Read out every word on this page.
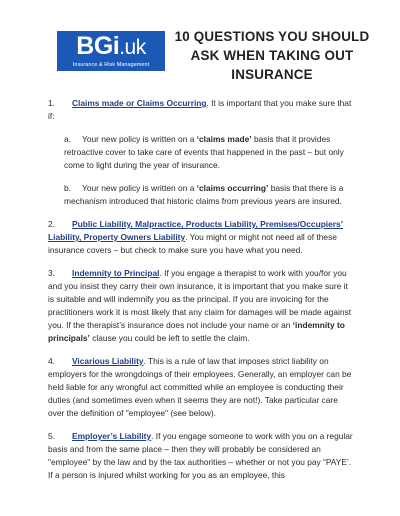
BGi.uk
Insurance & Risk Management
10 QUESTIONS YOU SHOULD ASK WHEN TAKING OUT INSURANCE

1. Claims made or Claims Occurring. It is important that you make sure that if:

a. Your new policy is written on a ‘claims made’ basis that it provides retroactive cover to take care of events that happened in the past – but only come to light during the year of insurance.

b. Your new policy is written on a ‘claims occurring’ basis that there is a mechanism introduced that historic claims from previous years are insured.

2. Public Liability, Malpractice, Products Liability, Premises/Occupiers’ Liability, Property Owners Liability. You might or might not need all of these insurance covers – but check to make sure you have what you need.

3. Indemnity to Principal. If you engage a therapist to work with you/for you and you insist they carry their own insurance, it is important that you make sure it is suitable and will indemnify you as the principal. If you are invoicing for the practitioners work it is most likely that any claim for damages will be made against you. If the therapist’s insurance does not include your name or an ‘indemnity to principals’ clause you could be left to settle the claim.

4. Vicarious Liability. This is a rule of law that imposes strict liability on employers for the wrongdoings of their employees. Generally, an employer can be held liable for any wrongful act committed while an employee is conducting their duties (and sometimes even when it seems they are not!). Take particular care over the definition of "employee" (see below).

5. Employer’s Liability. If you engage someone to work with you on a regular basis and from the same place – then they will probably be considered an "employee" by the law and by the tax authorities – whether or not you pay “PAYE’. If a person is injured whilst working for you as an employee, this
